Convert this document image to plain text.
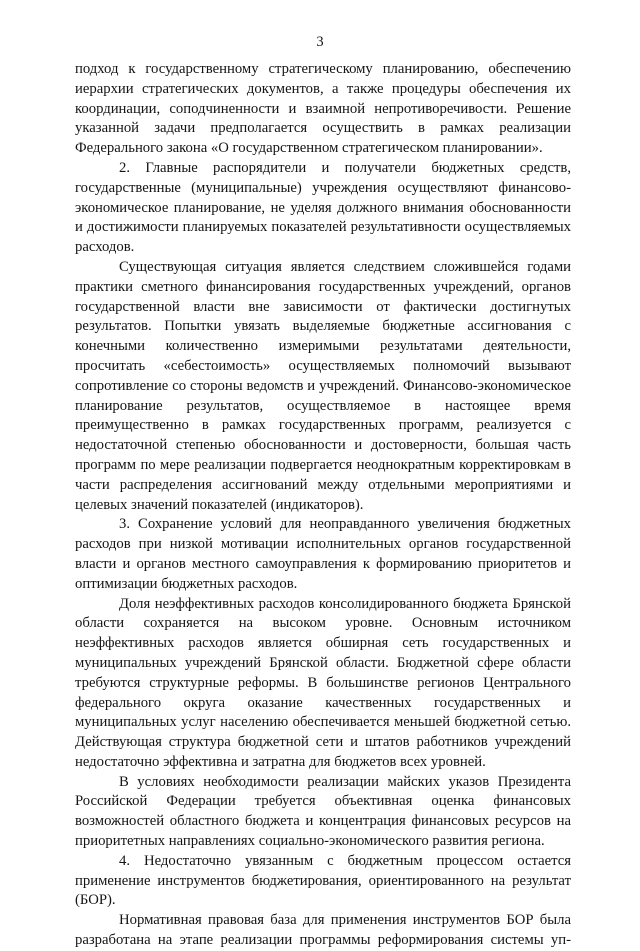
3

подход к государственному стратегическому планированию, обеспечению иерархии стратегических документов, а также процедуры обеспечения их координации, соподчиненности и взаимной непротиворечивости. Решение указанной задачи предполагается осуществить в рамках реализации Федерального закона «О государственном стратегическом планировании».

2. Главные распорядители и получатели бюджетных средств, государственные (муниципальные) учреждения осуществляют финансово-экономическое планирование, не уделяя должного внимания обоснованности и достижимости планируемых показателей результативности осуществляемых расходов.

Существующая ситуация является следствием сложившейся годами практики сметного финансирования государственных учреждений, органов государственной власти вне зависимости от фактически достигнутых результатов. Попытки увязать выделяемые бюджетные ассигнования с конечными количественно измеримыми результатами деятельности, просчитать «себестоимость» осуществляемых полномочий вызывают сопротивление со стороны ведомств и учреждений. Финансово-экономическое планирование результатов, осуществляемое в настоящее время преимущественно в рамках государственных программ, реализуется с недостаточной степенью обоснованности и достоверности, большая часть программ по мере реализации подвергается неоднократным корректировкам в части распределения ассигнований между отдельными мероприятиями и целевых значений показателей (индикаторов).

3. Сохранение условий для неоправданного увеличения бюджетных расходов при низкой мотивации исполнительных органов государственной власти и органов местного самоуправления к формированию приоритетов и оптимизации бюджетных расходов.

Доля неэффективных расходов консолидированного бюджета Брянской области сохраняется на высоком уровне. Основным источником неэффективных расходов является обширная сеть государственных и муниципальных учреждений Брянской области. Бюджетной сфере области требуются структурные реформы. В большинстве регионов Центрального федерального округа оказание качественных государственных и муниципальных услуг населению обеспечивается меньшей бюджетной сетью. Действующая структура бюджетной сети и штатов работников учреждений недостаточно эффективна и затратна для бюджетов всех уровней.

В условиях необходимости реализации майских указов Президента Российской Федерации требуется объективная оценка финансовых возможностей областного бюджета и концентрация финансовых ресурсов на приоритетных направлениях социально-экономического развития региона.

4. Недостаточно увязанным с бюджетным процессом остается применение инструментов бюджетирования, ориентированного на результат (БОР).

Нормативная правовая база для применения инструментов БОР была разработана на этапе реализации программы реформирования системы уп-
